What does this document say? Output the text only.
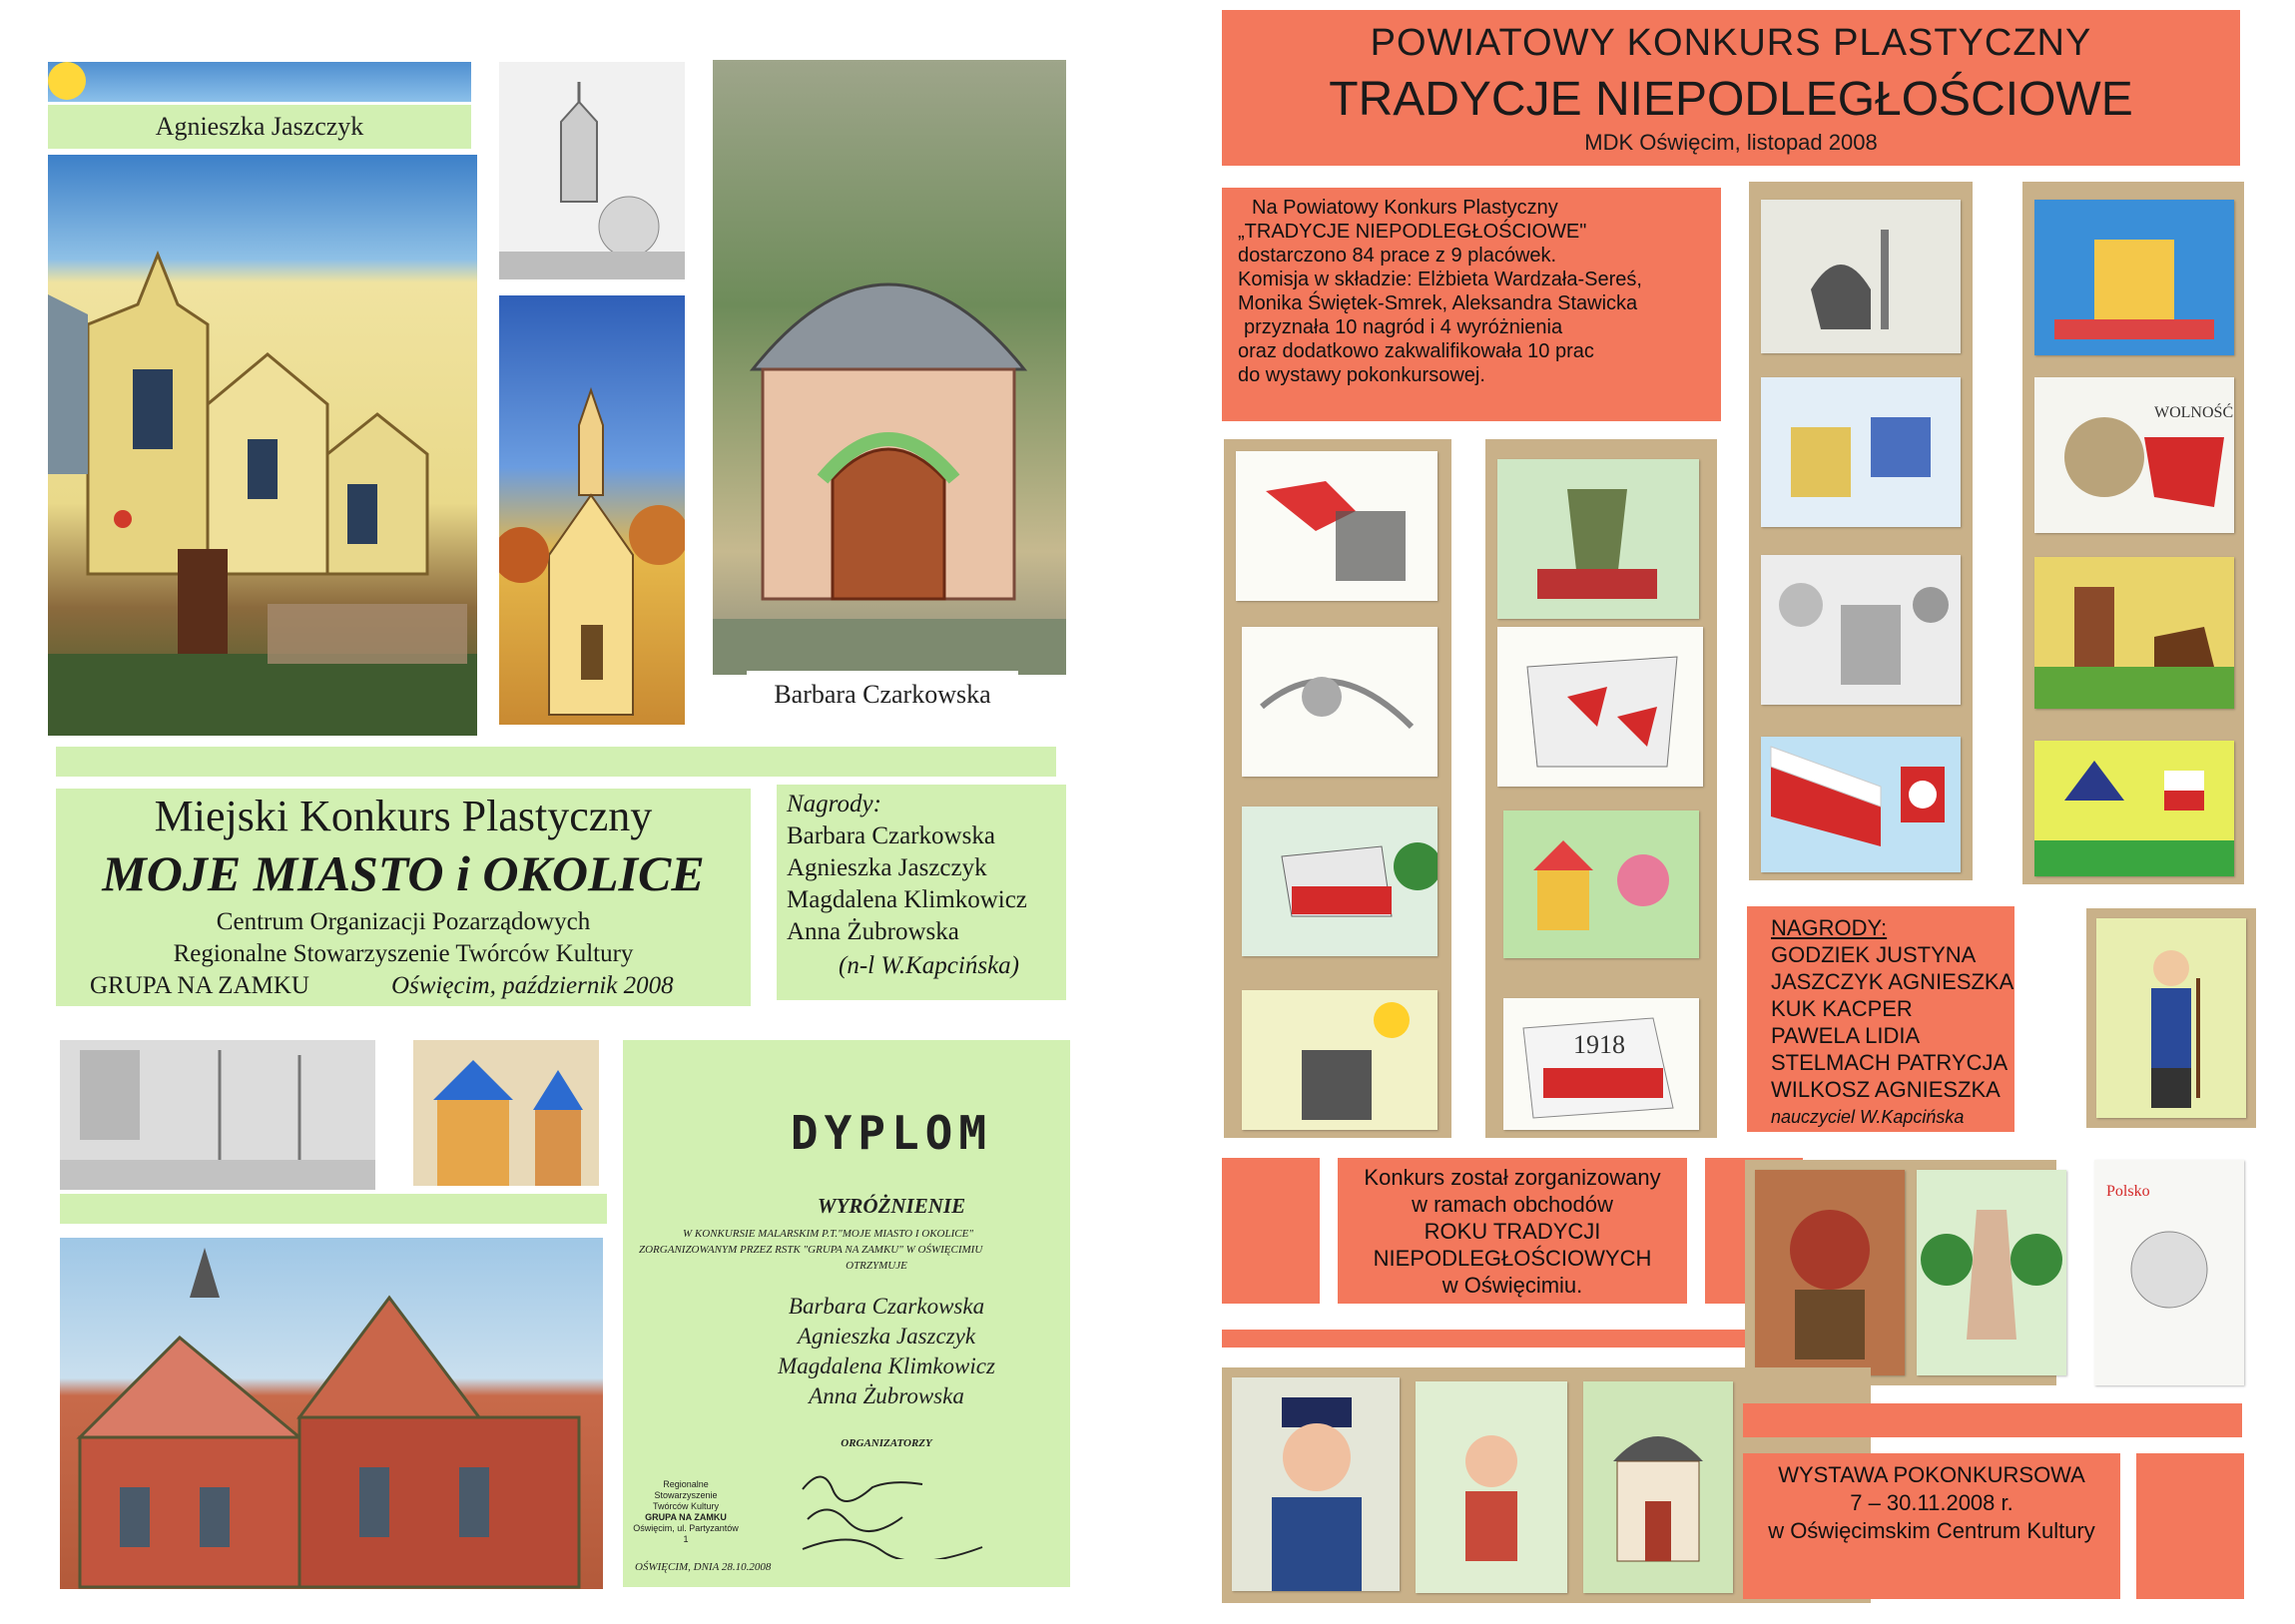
Agnieszka Jaszczyk
Barbara Czarkowska
Miejski Konkurs Plastyczny
MOJE MIASTO i OKOLICE
Centrum Organizacji Pozarządowych
Regionalne Stowarzyszenie Twórców Kultury
GRUPA NA ZAMKU	Oświęcim, październik 2008
Nagrody:
Barbara Czarkowska
Agnieszka Jaszczyk
Magdalena Klimkowicz
Anna Żubrowska
(n-l W.Kapcińska)
DYPLOM
WYRÓŻNIENIE
W KONKURSIE MALARSKIM P.T."MOJE MIASTO I OKOLICE"
ZORGANIZOWANYM PRZEZ RSTK "GRUPA NA ZAMKU" W OŚWIĘCIMIU
OTRZYMUJE
Barbara Czarkowska
Agnieszka Jaszczyk
Magdalena Klimkowicz
Anna Żubrowska
ORGANIZATORZY
Regionalne Stowarzyszenie
Twórców Kultury
GRUPA NA ZAMKU
Oświęcim, ul. Partyzantów 1
OŚWIĘCIM, DNIA 28.10.2008
POWIATOWY KONKURS PLASTYCZNY
TRADYCJE NIEPODLEGŁOŚCIOWE
MDK Oświęcim, listopad 2008
Na Powiatowy Konkurs Plastyczny
„TRADYCJE NIEPODLEGŁOŚCIOWE"
dostarczono 84 prace z 9 placówek.
Komisja w składzie: Elżbieta Wardzała-Sereś,
Monika Świętek-Smrek, Aleksandra Stawicka
przyznała 10 nagród i 4 wyróżnienia
oraz dodatkowo zakwalifikowała 10 prac
do wystawy pokonkursowej.
1918
WOLNOŚĆ
NAGRODY:
GODZIEK JUSTYNA
JASZCZYK AGNIESZKA
KUK KACPER
PAWELA LIDIA
STELMACH PATRYCJA
WILKOSZ AGNIESZKA
nauczyciel W.Kapcińska
Konkurs został zorganizowany
w ramach obchodów
ROKU TRADYCJI
NIEPODLEGŁOŚCIOWYCH
w Oświęcimiu.
Polsko
WYSTAWA POKONKURSOWA
7 – 30.11.2008 r.
w Oświęcimskim Centrum Kultury
